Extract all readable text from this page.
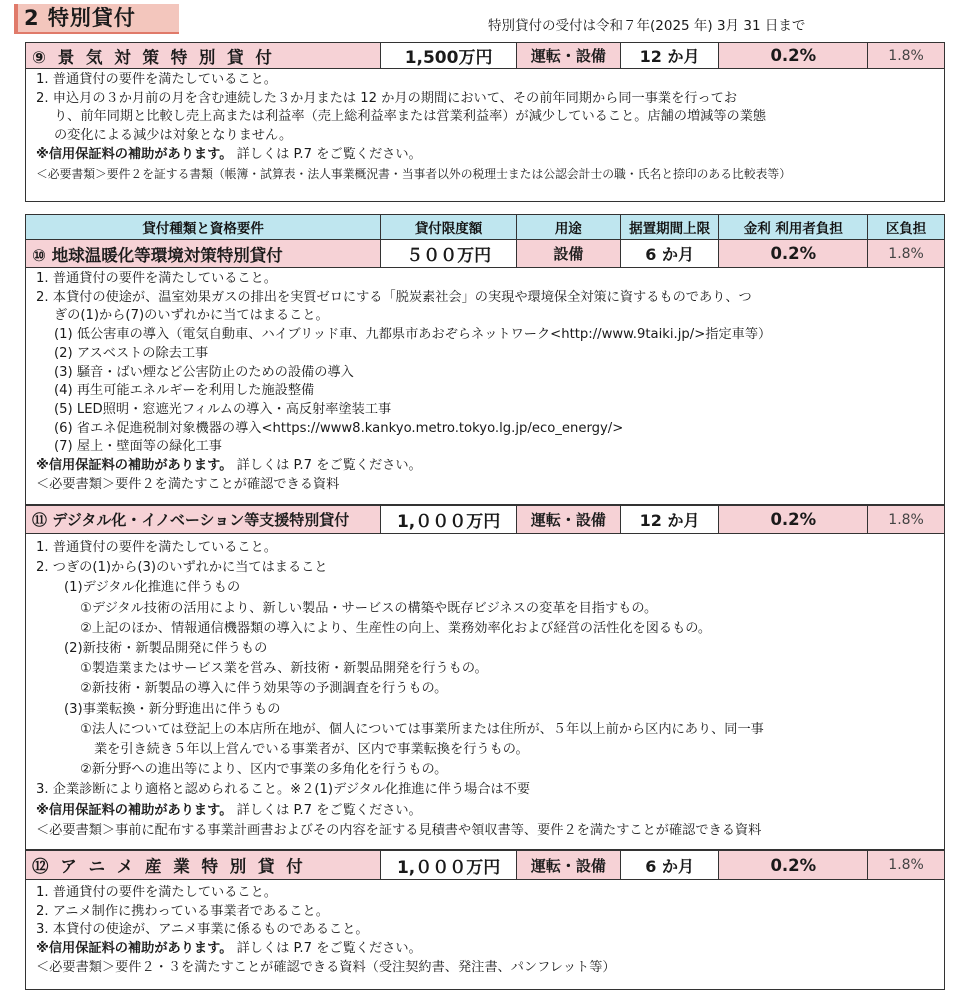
2 特別貸付	特別貸付の受付は令和７年(2025 年) 3月 31 日まで
⑨ 景 気 対 策 特 別 貸 付	1,500万円	運転・設備	12 か月	0.2%	1.8%
1. 普通貸付の要件を満たしていること。
2. 申込月の３か月前の月を含む連続した３か月または 12 か月の期間において、その前年同期から同一事業を行ってお
り、前年同期と比較し売上高または利益率（売上総利益率または営業利益率）が減少していること。店舗の増減等の業態
の変化による減少は対象となりません。
※信用保証料の補助があります。 詳しくは P.7 をご覧ください。
＜必要書類＞要件２を証する書類（帳簿・試算表・法人事業概況書・当事者以外の税理士または公認会計士の職・氏名と捺印のある比較表等）
貸付種類と資格要件	貸付限度額	用途	据置期間上限	金利 利用者負担	区負担
⑩ 地球温暖化等環境対策特別貸付	５００万円	設備	6 か月	0.2%	1.8%
1. 普通貸付の要件を満たしていること。
2. 本貸付の使途が、温室効果ガスの排出を実質ゼロにする「脱炭素社会」の実現や環境保全対策に資するものであり、つ
ぎの(1)から(7)のいずれかに当てはまること。
(1) 低公害車の導入（電気自動車、ハイブリッド車、九都県市あおぞらネットワーク<http://www.9taiki.jp/>指定車等）
(2) アスベストの除去工事
(3) 騒音・ばい煙など公害防止のための設備の導入
(4) 再生可能エネルギーを利用した施設整備
(5) LED照明・窓遮光フィルムの導入・高反射率塗装工事
(6) 省エネ促進税制対象機器の導入<https://www8.kankyo.metro.tokyo.lg.jp/eco_energy/>
(7) 屋上・壁面等の緑化工事
※信用保証料の補助があります。 詳しくは P.7 をご覧ください。
＜必要書類＞要件２を満たすことが確認できる資料
⑪ デジタル化・イノベーション等支援特別貸付	1,０００万円	運転・設備	12 か月	0.2%	1.8%
1. 普通貸付の要件を満たしていること。
2. つぎの(1)から(3)のいずれかに当てはまること
(1)デジタル化推進に伴うもの
①デジタル技術の活用により、新しい製品・サービスの構築や既存ビジネスの変革を目指すもの。
②上記のほか、情報通信機器類の導入により、生産性の向上、業務効率化および経営の活性化を図るもの。
(2)新技術・新製品開発に伴うもの
①製造業またはサービス業を営み、新技術・新製品開発を行うもの。
②新技術・新製品の導入に伴う効果等の予測調査を行うもの。
(3)事業転換・新分野進出に伴うもの
①法人については登記上の本店所在地が、個人については事業所または住所が、５年以上前から区内にあり、同一事
業を引き続き５年以上営んでいる事業者が、区内で事業転換を行うもの。
②新分野への進出等により、区内で事業の多角化を行うもの。
3. 企業診断により適格と認められること。※２(1)デジタル化推進に伴う場合は不要
※信用保証料の補助があります。 詳しくは P.7 をご覧ください。
＜必要書類＞事前に配布する事業計画書およびその内容を証する見積書や領収書等、要件２を満たすことが確認できる資料
⑫ ア ニ メ 産 業 特 別 貸 付	1,０００万円	運転・設備	6 か月	0.2%	1.8%
1. 普通貸付の要件を満たしていること。
2. アニメ制作に携わっている事業者であること。
3. 本貸付の使途が、アニメ事業に係るものであること。
※信用保証料の補助があります。 詳しくは P.7 をご覧ください。
＜必要書類＞要件２・３を満たすことが確認できる資料（受注契約書、発注書、パンフレット等）
